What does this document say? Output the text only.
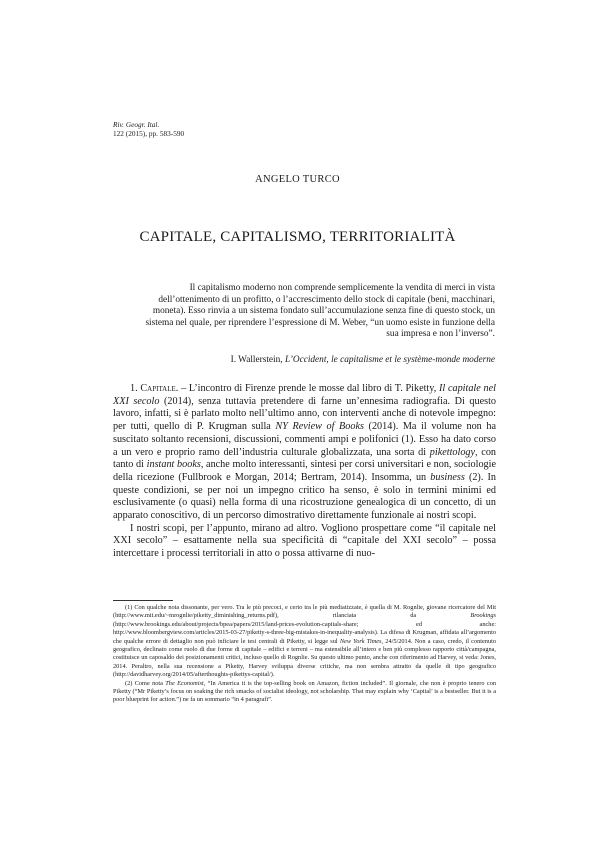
Riv. Geogr. Ital.
122 (2015), pp. 583-590
ANGELO TURCO
CAPITALE, CAPITALISMO, TERRITORIALITÀ
Il capitalismo moderno non comprende semplicemente la vendita di merci in vista dell’ottenimento di un profitto, o l’accrescimento dello stock di capitale (beni, macchinari, moneta). Esso rinvia a un sistema fondato sull’accumulazione senza fine di questo stock, un sistema nel quale, per riprendere l’espressione di M. Weber, “un uomo esiste in funzione della sua impresa e non l’inverso”.
I. Wallerstein, L’Occident, le capitalisme et le système-monde moderne

1. Capitale. – L’incontro di Firenze prende le mosse dal libro di T. Piketty, Il capitale nel XXI secolo (2014), senza tuttavia pretendere di farne un’ennesima radiografia. Di questo lavoro, infatti, si è parlato molto nell’ultimo anno, con interventi anche di notevole impegno: per tutti, quello di P. Krugman sulla NY Review of Books (2014). Ma il volume non ha suscitato soltanto recensioni, discussioni, commenti ampi e polifonici (1). Esso ha dato corso a un vero e proprio ramo dell’industria culturale globalizzata, una sorta di pikettology, con tanto di instant books, anche molto interessanti, sintesi per corsi universitari e non, sociologie della ricezione (Fullbrook e Morgan, 2014; Bertram, 2014). Insomma, un business (2). In queste condizioni, se per noi un impegno critico ha senso, è solo in termini minimi ed esclusivamente (o quasi) nella forma di una ricostruzione genealogica di un concetto, di un apparato conoscitivo, di un percorso dimostrativo direttamente funzionale ai nostri scopi.

I nostri scopi, per l’appunto, mirano ad altro. Vogliono prospettare come “il capitale nel XXI secolo” – esattamente nella sua specificità di “capitale del XXI secolo” – possa intercettare i processi territoriali in atto o possa attivarne di nuo-

(1) Con qualche nota dissonante, per vero. Tra le più precoci, e certo tra le più mediatizzate, è quella di M. Rognlie, giovane ricercatore del Mit (http://www.mit.edu/~mrognlie/piketty_diminishing_returns.pdf), rilanciata da Brookings (http://www.brookings.edu/about/projects/bpea/papers/2015/land-prices-evolution-capitals-share; ed anche: http://www.bloombergview.com/articles/2015-03-27/piketty-s-three-big-mistakes-in-inequality-analysis). La difesa di Krugman, affidata all’argomento che qualche errore di dettaglio non può inficiare le tesi centrali di Piketty, si legge sul New York Times, 24/5/2014. Non a caso, credo, il contenuto geografico, declinato come ruolo di due forme di capitale – edifici e terreni – ma estensibile all’intero e ben più complesso rapporto città/campagna, costituisce un caposaldo dei posizionamenti critici, incluso quello di Rognlie. Su questo ultimo punto, anche con riferimento ad Harvey, si veda: Jones, 2014. Peraltro, nella sua recensione a Piketty, Harvey sviluppa diverse critiche, ma non sembra attratto da quelle di tipo geografico (http://davidharvey.org/2014/05/afterthoughts-pikettys-capital/).

(2) Come nota The Economist, “In America it is the top-selling book on Amazon, fiction included”. Il giornale, che non è proprio tenero con Piketty (“Mr Piketty’s focus on soaking the rich smacks of socialist ideology, not scholarship. That may explain why ‘Capital’ is a bestseller. But it is a poor blueprint for action.”) ne fa un sommario “in 4 paragrafi”.
